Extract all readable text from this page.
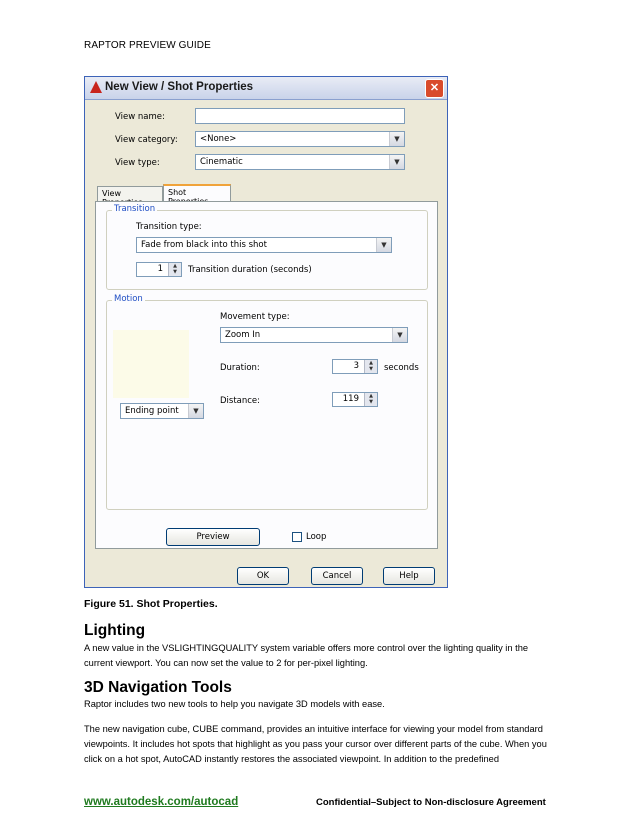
RAPTOR PREVIEW GUIDE
New View / Shot Properties	✕
View name:
View category:	<None>	▼
View type:	Cinematic	▼
View	Shot
Transition
Transition type:
Fade from black into this shot	▼
1	▲
▼	Transition duration (seconds)
Motion
Movement type:
Zoom In	▼
Duration:	3	▲
▼	seconds
Ending point	▼
Distance:	119	▲
▼
Preview	Loop
OK	Cancel	Help
Figure 51. Shot Properties.
Lighting
A new value in the VSLIGHTINGQUALITY system variable offers more control over the lighting quality in the current viewport. You can now set the value to 2 for per-pixel lighting.
3D Navigation Tools
Raptor includes two new tools to help you navigate 3D models with ease.
The new navigation cube, CUBE command, provides an intuitive interface for viewing your model from standard viewpoints. It includes hot spots that highlight as you pass your cursor over different parts of the cube. When you click on a hot spot, AutoCAD instantly restores the associated viewpoint. In addition to the predefined
www.autodesk.com/autocad	Confidential–Subject to Non-disclosure Agreement
